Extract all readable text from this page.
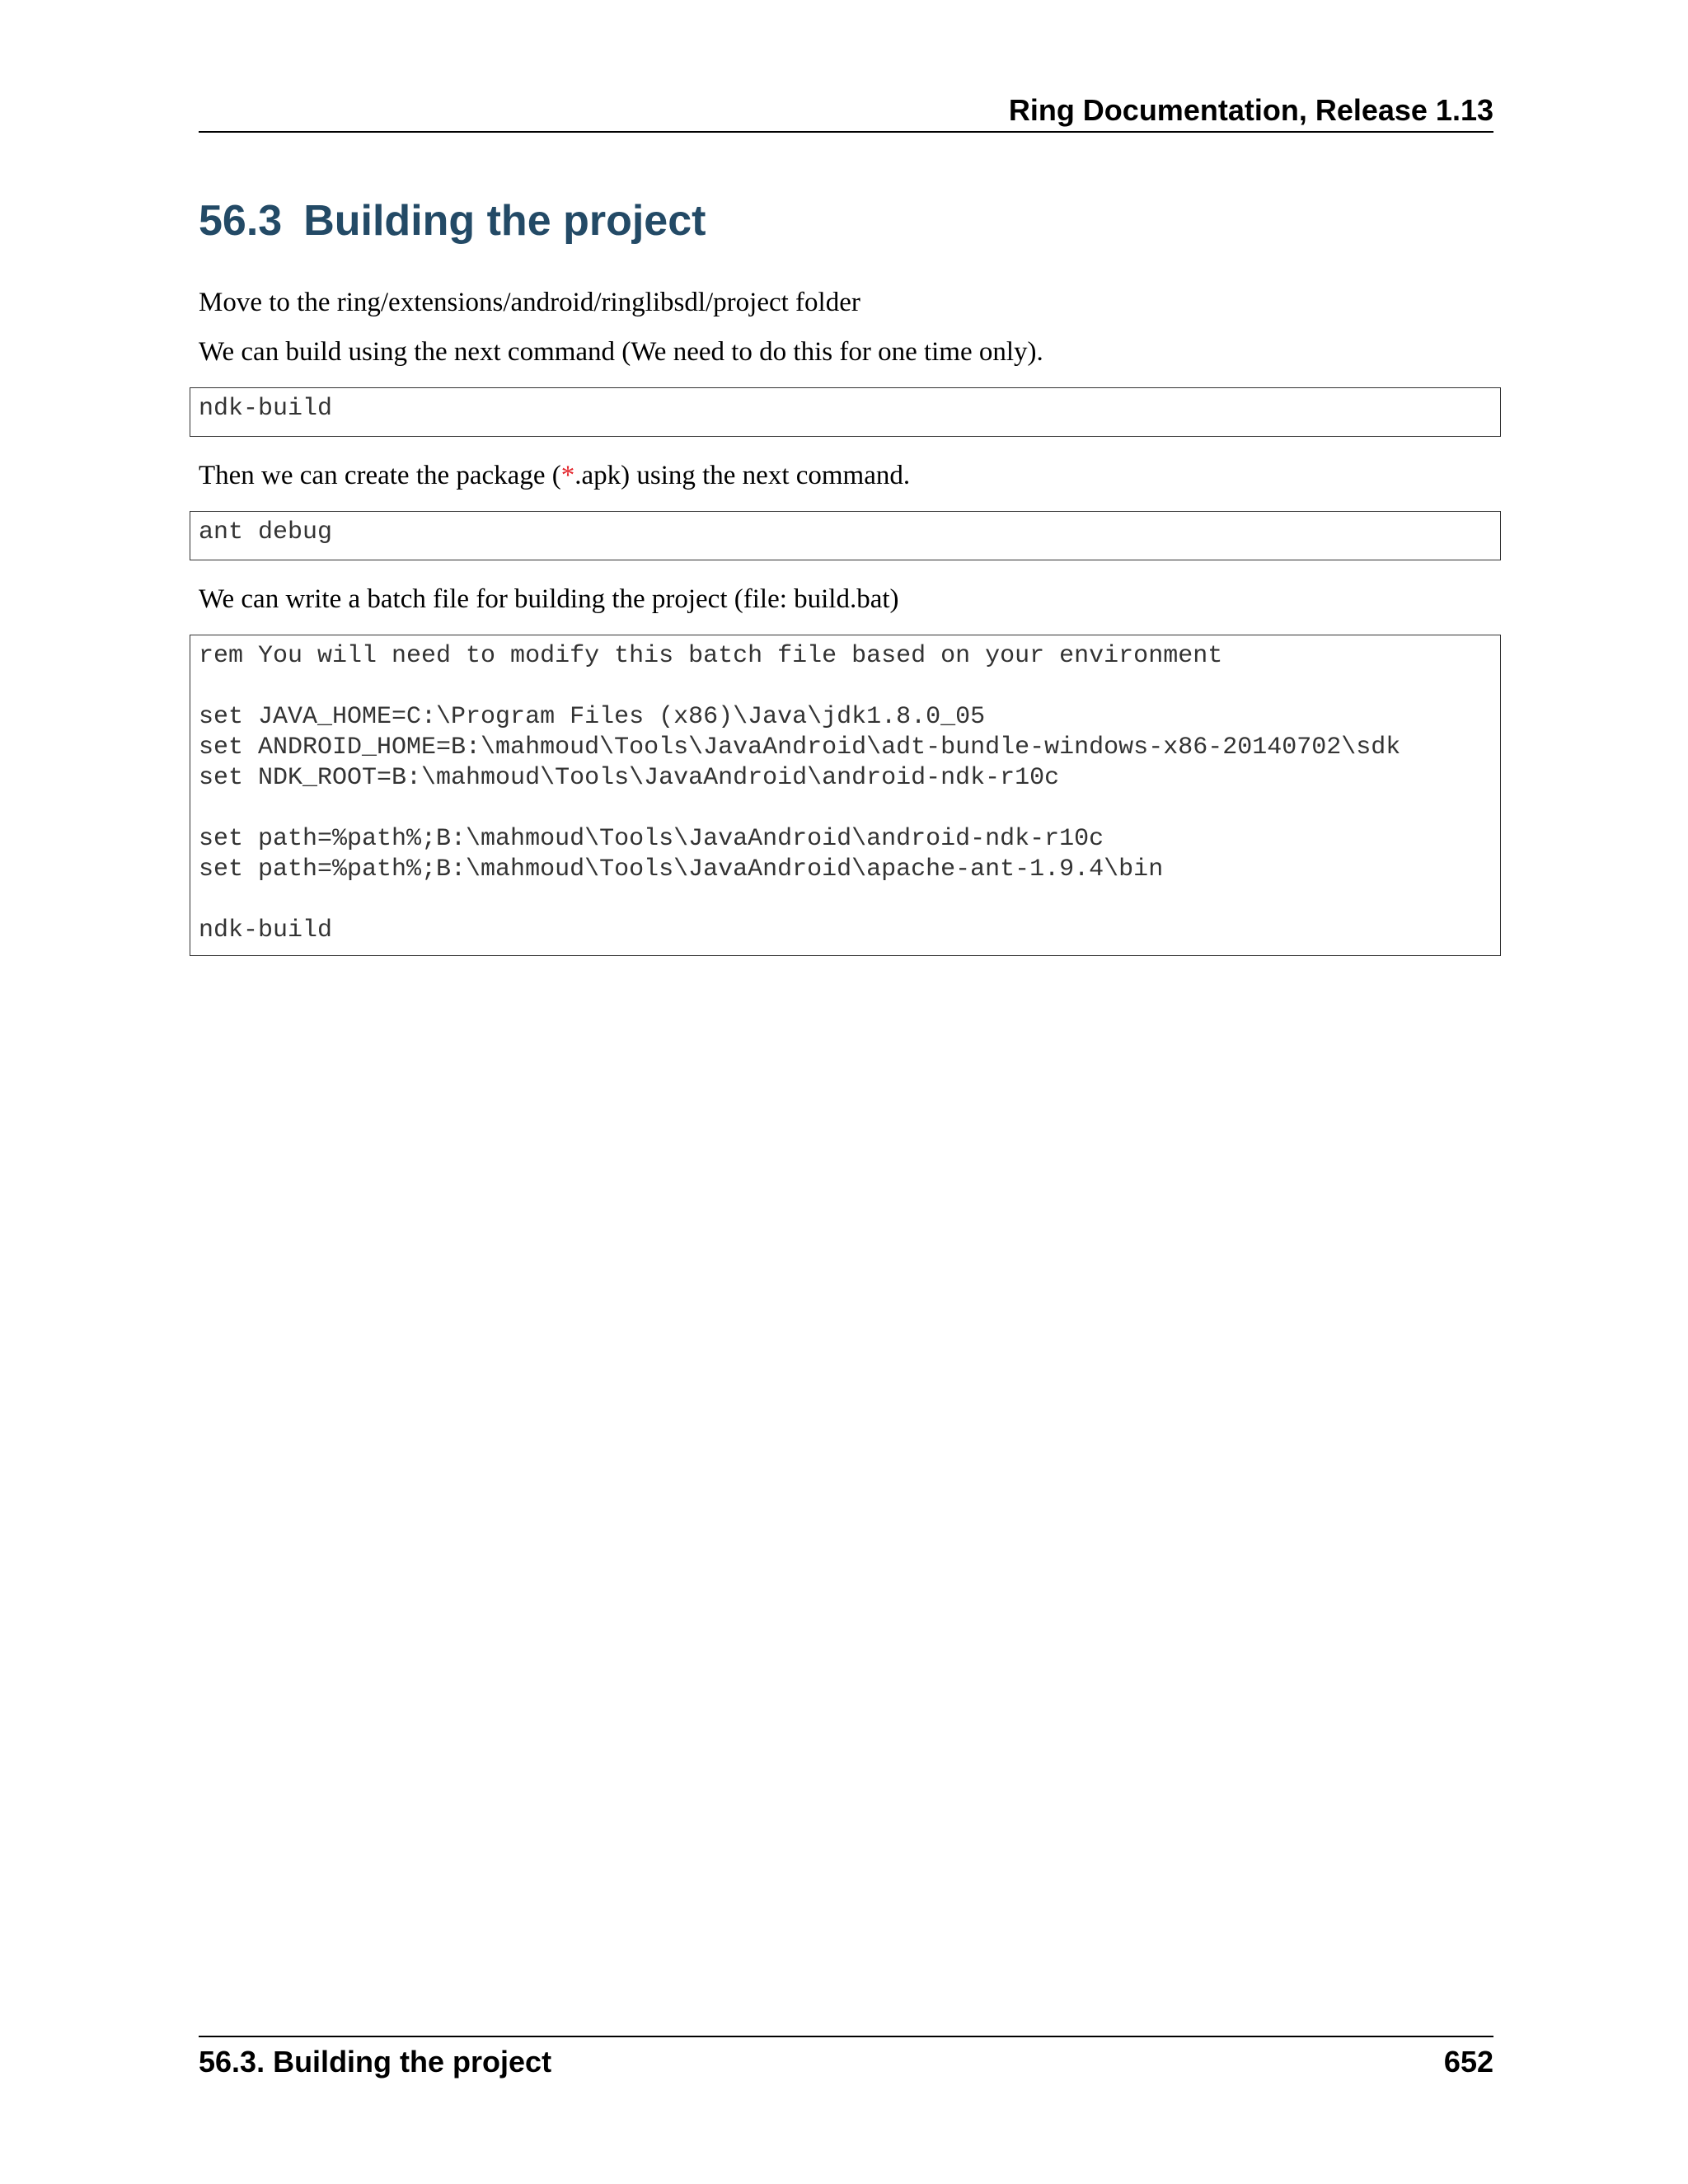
Ring Documentation, Release 1.13
56.3 Building the project

Move to the ring/extensions/android/ringlibsdl/project folder

We can build using the next command (We need to do this for one time only).

ndk-build

Then we can create the package (*.apk) using the next command.

ant debug

We can write a batch file for building the project (file: build.bat)

rem You will need to modify this batch file based on your environment

set JAVA_HOME=C:\Program Files (x86)\Java\jdk1.8.0_05
set ANDROID_HOME=B:\mahmoud\Tools\JavaAndroid\adt-bundle-windows-x86-20140702\sdk
set NDK_ROOT=B:\mahmoud\Tools\JavaAndroid\android-ndk-r10c

set path=%path%;B:\mahmoud\Tools\JavaAndroid\android-ndk-r10c
set path=%path%;B:\mahmoud\Tools\JavaAndroid\apache-ant-1.9.4\bin

ndk-build
56.3. Building the project	652
